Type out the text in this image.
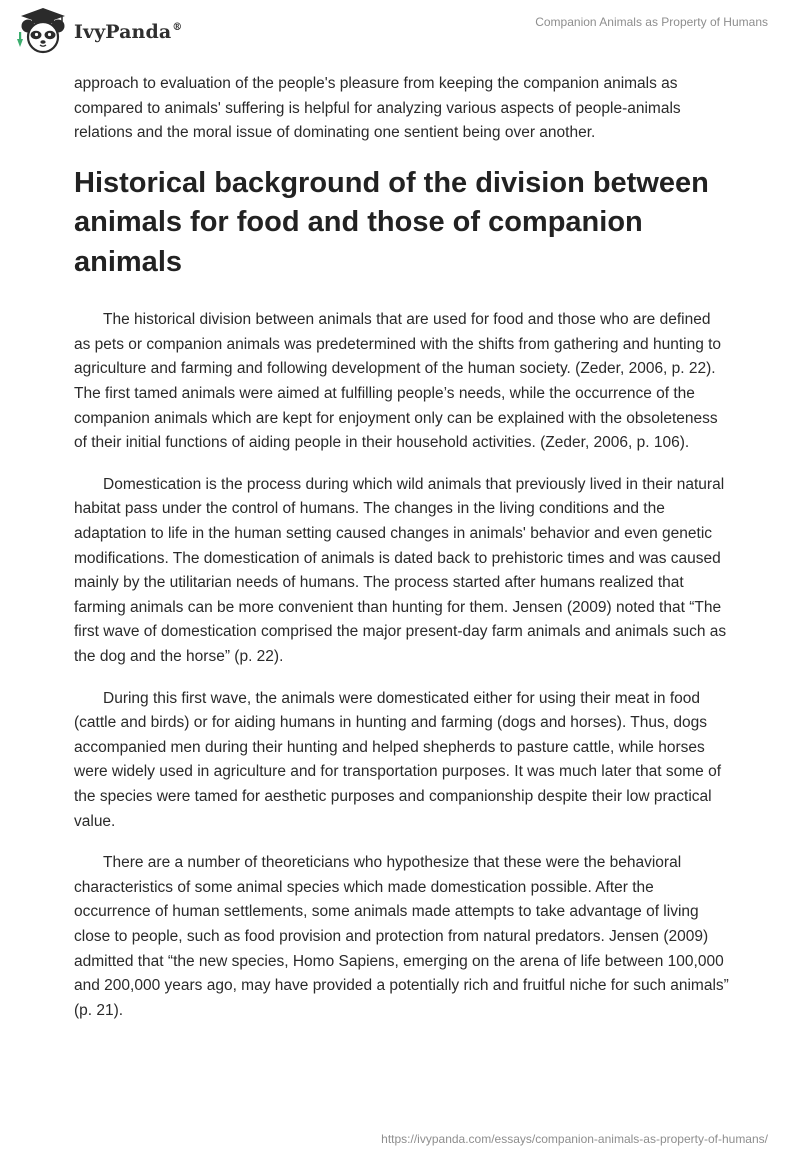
IvyPanda®	Companion Animals as Property of Humans

approach to evaluation of the people's pleasure from keeping the companion animals as compared to animals' suffering is helpful for analyzing various aspects of people-animals relations and the moral issue of dominating one sentient being over another.

Historical background of the division between animals for food and those of companion animals

The historical division between animals that are used for food and those who are defined as pets or companion animals was predetermined with the shifts from gathering and hunting to agriculture and farming and following development of the human society. (Zeder, 2006, p. 22). The first tamed animals were aimed at fulfilling people’s needs, while the occurrence of the companion animals which are kept for enjoyment only can be explained with the obsoleteness of their initial functions of aiding people in their household activities. (Zeder, 2006, p. 106).

Domestication is the process during which wild animals that previously lived in their natural habitat pass under the control of humans. The changes in the living conditions and the adaptation to life in the human setting caused changes in animals' behavior and even genetic modifications. The domestication of animals is dated back to prehistoric times and was caused mainly by the utilitarian needs of humans. The process started after humans realized that farming animals can be more convenient than hunting for them. Jensen (2009) noted that “The first wave of domestication comprised the major present-day farm animals and animals such as the dog and the horse” (p. 22).

During this first wave, the animals were domesticated either for using their meat in food (cattle and birds) or for aiding humans in hunting and farming (dogs and horses). Thus, dogs accompanied men during their hunting and helped shepherds to pasture cattle, while horses were widely used in agriculture and for transportation purposes. It was much later that some of the species were tamed for aesthetic purposes and companionship despite their low practical value.

There are a number of theoreticians who hypothesize that these were the behavioral characteristics of some animal species which made domestication possible. After the occurrence of human settlements, some animals made attempts to take advantage of living close to people, such as food provision and protection from natural predators. Jensen (2009) admitted that “the new species, Homo Sapiens, emerging on the arena of life between 100,000 and 200,000 years ago, may have provided a potentially rich and fruitful niche for such animals” (p. 21).

https://ivypanda.com/essays/companion-animals-as-property-of-humans/
